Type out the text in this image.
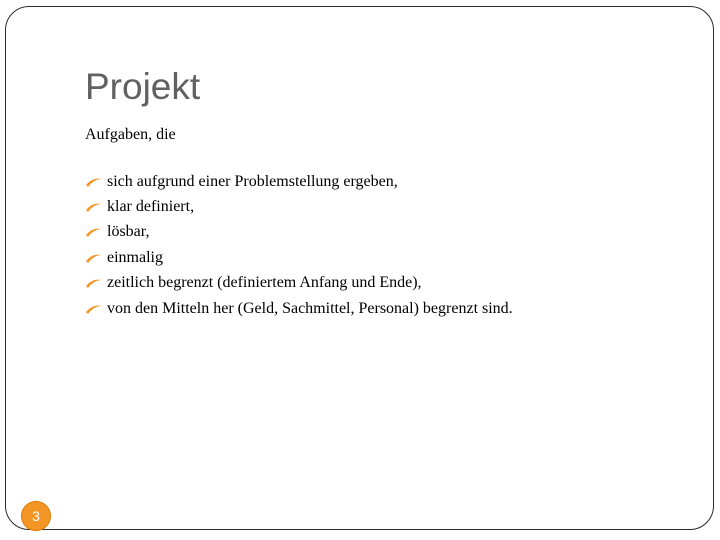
Projekt
Aufgaben, die
sich aufgrund einer Problemstellung ergeben,
klar definiert,
lösbar,
einmalig
zeitlich begrenzt (definiertem Anfang und Ende),
von den Mitteln her (Geld, Sachmittel, Personal) begrenzt sind.
3
